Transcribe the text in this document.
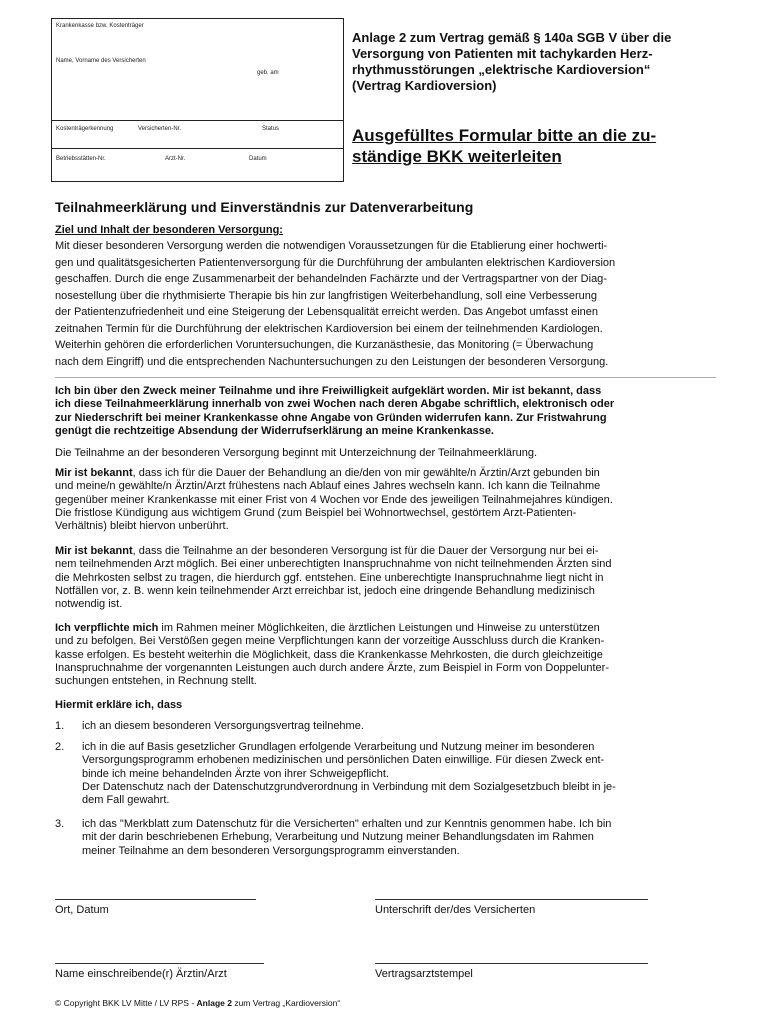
Krankenkasse bzw. Kostenträger
Name, Vorname des Versicherten
geb. am
Kostenträgerkennung	Versicherten-Nr.	Status
Betriebsstätten-Nr.	Arzt-Nr.	Datum
Anlage 2 zum Vertrag gemäß § 140a SGB V über die
Versorgung von Patienten mit tachykarden Herz-
rhythmusstörungen „elektrische Kardioversion“
(Vertrag Kardioversion)
Ausgefülltes Formular bitte an die zu-
ständige BKK weiterleiten
Teilnahmeerklärung und Einverständnis zur Datenverarbeitung
Ziel und Inhalt der besonderen Versorgung:
Mit dieser besonderen Versorgung werden die notwendigen Voraussetzungen für die Etablierung einer hochwerti-
gen und qualitätsgesicherten Patientenversorgung für die Durchführung der ambulanten elektrischen Kardioversion
geschaffen. Durch die enge Zusammenarbeit der behandelnden Fachärzte und der Vertragspartner von der Diag-
nosestellung über die rhythmisierte Therapie bis hin zur langfristigen Weiterbehandlung, soll eine Verbesserung
der Patientenzufriedenheit und eine Steigerung der Lebensqualität erreicht werden. Das Angebot umfasst einen
zeitnahen Termin für die Durchführung der elektrischen Kardioversion bei einem der teilnehmenden Kardiologen.
Weiterhin gehören die erforderlichen Voruntersuchungen, die Kurzanästhesie, das Monitoring (= Überwachung
nach dem Eingriff) und die entsprechenden Nachuntersuchungen zu den Leistungen der besonderen Versorgung.
Ich bin über den Zweck meiner Teilnahme und ihre Freiwilligkeit aufgeklärt worden. Mir ist bekannt, dass
ich diese Teilnahmeerklärung innerhalb von zwei Wochen nach deren Abgabe schriftlich, elektronisch oder
zur Niederschrift bei meiner Krankenkasse ohne Angabe von Gründen widerrufen kann. Zur Fristwahrung
genügt die rechtzeitige Absendung der Widerrufserklärung an meine Krankenkasse.
Die Teilnahme an der besonderen Versorgung beginnt mit Unterzeichnung der Teilnahmeerklärung.
Mir ist bekannt, dass ich für die Dauer der Behandlung an die/den von mir gewählte/n Ärztin/Arzt gebunden bin
und meine/n gewählte/n Ärztin/Arzt frühestens nach Ablauf eines Jahres wechseln kann. Ich kann die Teilnahme
gegenüber meiner Krankenkasse mit einer Frist von 4 Wochen vor Ende des jeweiligen Teilnahmejahres kündigen.
Die fristlose Kündigung aus wichtigem Grund (zum Beispiel bei Wohnortwechsel, gestörtem Arzt-Patienten-
Verhältnis) bleibt hiervon unberührt.
Mir ist bekannt, dass die Teilnahme an der besonderen Versorgung ist für die Dauer der Versorgung nur bei ei-
nem teilnehmenden Arzt möglich. Bei einer unberechtigten Inanspruchnahme von nicht teilnehmenden Ärzten sind
die Mehrkosten selbst zu tragen, die hierdurch ggf. entstehen. Eine unberechtigte Inanspruchnahme liegt nicht in
Notfällen vor, z. B. wenn kein teilnehmender Arzt erreichbar ist, jedoch eine dringende Behandlung medizinisch
notwendig ist.
Ich verpflichte mich im Rahmen meiner Möglichkeiten, die ärztlichen Leistungen und Hinweise zu unterstützen
und zu befolgen. Bei Verstößen gegen meine Verpflichtungen kann der vorzeitige Ausschluss durch die Kranken-
kasse erfolgen. Es besteht weiterhin die Möglichkeit, dass die Krankenkasse Mehrkosten, die durch gleichzeitige
Inanspruchnahme der vorgenannten Leistungen auch durch andere Ärzte, zum Beispiel in Form von Doppelunter-
suchungen entstehen, in Rechnung stellt.
Hiermit erkläre ich, dass
1. ich an diesem besonderen Versorgungsvertrag teilnehme.
2. ich in die auf Basis gesetzlicher Grundlagen erfolgende Verarbeitung und Nutzung meiner im besonderen
Versorgungsprogramm erhobenen medizinischen und persönlichen Daten einwillige. Für diesen Zweck ent-
binde ich meine behandelnden Ärzte von ihrer Schweigepflicht.
Der Datenschutz nach der Datenschutzgrundverordnung in Verbindung mit dem Sozialgesetzbuch bleibt in je-
dem Fall gewahrt.
3. ich das "Merkblatt zum Datenschutz für die Versicherten" erhalten und zur Kenntnis genommen habe. Ich bin
mit der darin beschriebenen Erhebung, Verarbeitung und Nutzung meiner Behandlungsdaten im Rahmen
meiner Teilnahme an dem besonderen Versorgungsprogramm einverstanden.
Ort, Datum	Unterschrift der/des Versicherten
Name einschreibende(r) Ärztin/Arzt	Vertragsarztstempel
© Copyright BKK LV Mitte / LV RPS - Anlage 2 zum Vertrag „Kardioversion“
